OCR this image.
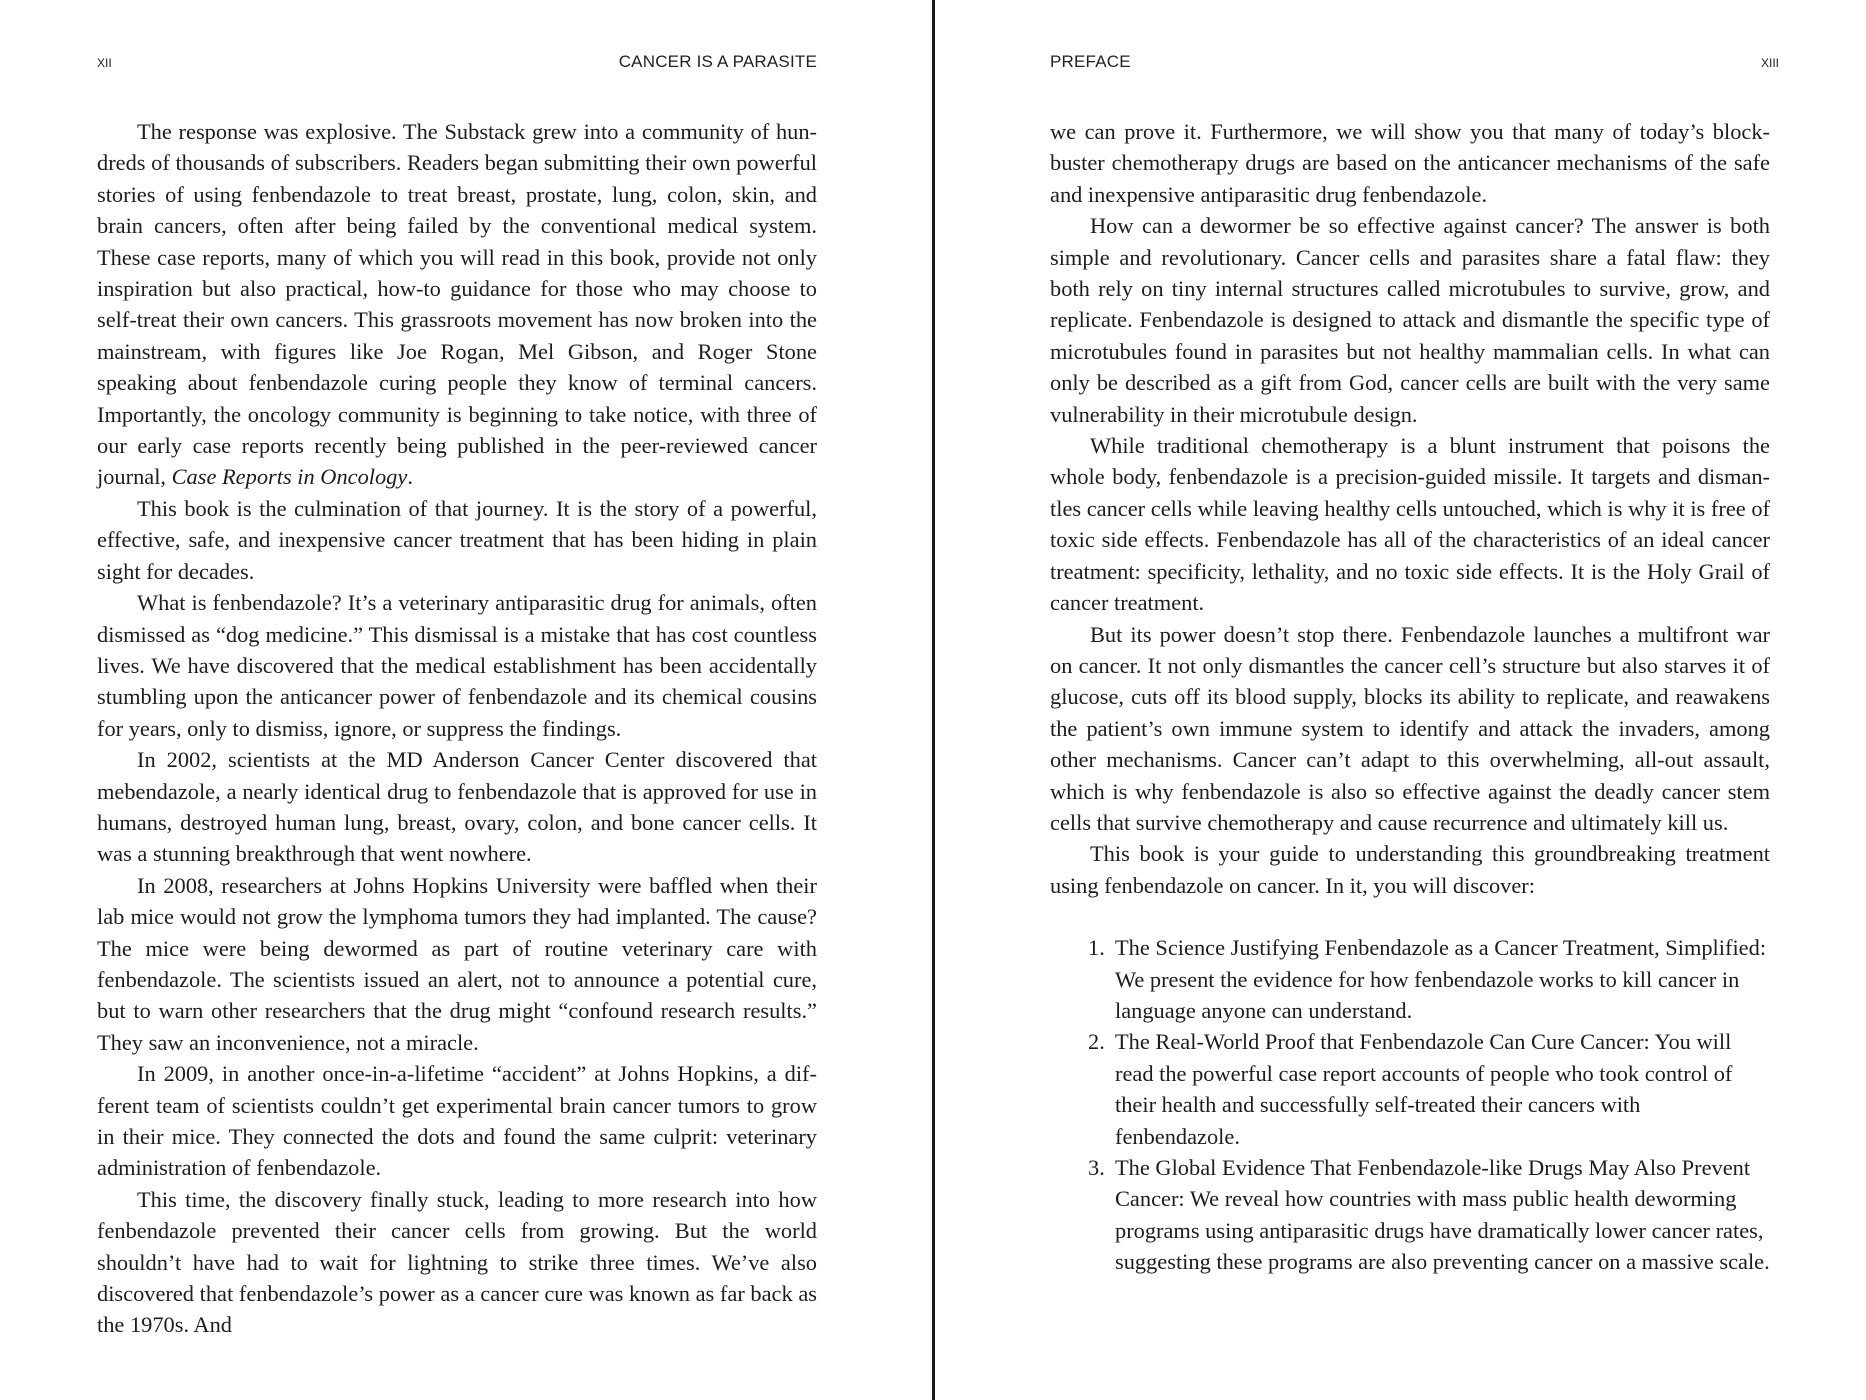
XII	CANCER IS A PARASITE

The response was explosive. The Substack grew into a community of hundreds of thousands of subscribers. Readers began submitting their own powerful stories of using fenbendazole to treat breast, prostate, lung, colon, skin, and brain cancers, often after being failed by the conventional medical system. These case reports, many of which you will read in this book, provide not only inspiration but also practical, how-to guidance for those who may choose to self-treat their own cancers. This grassroots movement has now broken into the mainstream, with figures like Joe Rogan, Mel Gibson, and Roger Stone speaking about fenbendazole curing people they know of terminal cancers. Importantly, the oncology community is beginning to take notice, with three of our early case reports recently being published in the peer-reviewed cancer journal, Case Reports in Oncology.

This book is the culmination of that journey. It is the story of a powerful, effective, safe, and inexpensive cancer treatment that has been hiding in plain sight for decades.

What is fenbendazole? It’s a veterinary antiparasitic drug for animals, often dismissed as “dog medicine.” This dismissal is a mistake that has cost countless lives. We have discovered that the medical establishment has been accidentally stumbling upon the anticancer power of fenbendazole and its chemical cousins for years, only to dismiss, ignore, or suppress the findings.

In 2002, scientists at the MD Anderson Cancer Center discovered that mebendazole, a nearly identical drug to fenbendazole that is approved for use in humans, destroyed human lung, breast, ovary, colon, and bone cancer cells. It was a stunning breakthrough that went nowhere.

In 2008, researchers at Johns Hopkins University were baffled when their lab mice would not grow the lymphoma tumors they had implanted. The cause? The mice were being dewormed as part of routine veterinary care with fenbendazole. The scientists issued an alert, not to announce a potential cure, but to warn other researchers that the drug might “confound research results.” They saw an inconvenience, not a miracle.

In 2009, in another once-in-a-lifetime “accident” at Johns Hopkins, a different team of scientists couldn’t get experimental brain cancer tumors to grow in their mice. They connected the dots and found the same culprit: veterinary administration of fenbendazole.

This time, the discovery finally stuck, leading to more research into how fenbendazole prevented their cancer cells from growing. But the world shouldn’t have had to wait for lightning to strike three times. We’ve also discovered that fenbendazole’s power as a cancer cure was known as far back as the 1970s. And

PREFACE	XIII

we can prove it. Furthermore, we will show you that many of today’s blockbuster chemotherapy drugs are based on the anticancer mechanisms of the safe and inexpensive antiparasitic drug fenbendazole.

How can a dewormer be so effective against cancer? The answer is both simple and revolutionary. Cancer cells and parasites share a fatal flaw: they both rely on tiny internal structures called microtubules to survive, grow, and replicate. Fenbendazole is designed to attack and dismantle the specific type of microtubules found in parasites but not healthy mammalian cells. In what can only be described as a gift from God, cancer cells are built with the very same vulnerability in their microtubule design.

While traditional chemotherapy is a blunt instrument that poisons the whole body, fenbendazole is a precision-guided missile. It targets and dismantles cancer cells while leaving healthy cells untouched, which is why it is free of toxic side effects. Fenbendazole has all of the characteristics of an ideal cancer treatment: specificity, lethality, and no toxic side effects. It is the Holy Grail of cancer treatment.

But its power doesn’t stop there. Fenbendazole launches a multifront war on cancer. It not only dismantles the cancer cell’s structure but also starves it of glucose, cuts off its blood supply, blocks its ability to replicate, and reawakens the patient’s own immune system to identify and attack the invaders, among other mechanisms. Cancer can’t adapt to this overwhelming, all-out assault, which is why fenbendazole is also so effective against the deadly cancer stem cells that survive chemotherapy and cause recurrence and ultimately kill us.

This book is your guide to understanding this groundbreaking treatment using fenbendazole on cancer. In it, you will discover:

1. The Science Justifying Fenbendazole as a Cancer Treatment, Simplified: We present the evidence for how fenbendazole works to kill cancer in language anyone can understand.
2. The Real-World Proof that Fenbendazole Can Cure Cancer: You will read the powerful case report accounts of people who took control of their health and successfully self-treated their cancers with fenbendazole.
3. The Global Evidence That Fenbendazole-like Drugs May Also Prevent Cancer: We reveal how countries with mass public health deworming programs using antiparasitic drugs have dramatically lower cancer rates, suggesting these programs are also preventing cancer on a massive scale.
